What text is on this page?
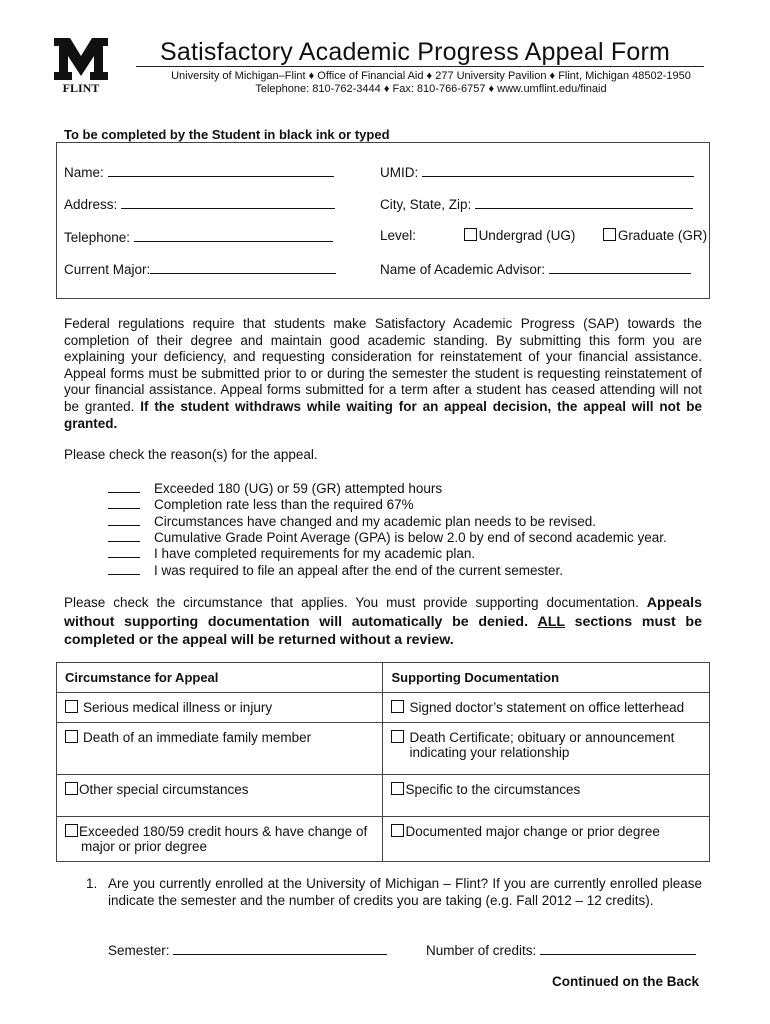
FLINT
Satisfactory Academic Progress Appeal Form
University of Michigan–Flint ♦ Office of Financial Aid ♦ 277 University Pavilion ♦ Flint, Michigan 48502-1950
Telephone: 810-762-3444 ♦ Fax: 810-766-6757 ♦ www.umflint.edu/finaid
To be completed by the Student in black ink or typed
Name:	UMID:
Address:	City, State, Zip:
Telephone:	Level:	Undergrad (UG)	Graduate (GR)
Current Major:	Name of Academic Advisor:
Federal regulations require that students make Satisfactory Academic Progress (SAP) towards the completion of their degree and maintain good academic standing. By submitting this form you are explaining your deficiency, and requesting consideration for reinstatement of your financial assistance. Appeal forms must be submitted prior to or during the semester the student is requesting reinstatement of your financial assistance. Appeal forms submitted for a term after a student has ceased attending will not be granted. If the student withdraws while waiting for an appeal decision, the appeal will not be granted.
Please check the reason(s) for the appeal.
Exceeded 180 (UG) or 59 (GR) attempted hours
Completion rate less than the required 67%
Circumstances have changed and my academic plan needs to be revised.
Cumulative Grade Point Average (GPA) is below 2.0 by end of second academic year.
I have completed requirements for my academic plan.
I was required to file an appeal after the end of the current semester.
Please check the circumstance that applies. You must provide supporting documentation. Appeals without supporting documentation will automatically be denied. ALL sections must be completed or the appeal will be returned without a review.
Circumstance for Appeal	Supporting Documentation
Serious medical illness or injury	Signed doctor’s statement on office letterhead
Death of an immediate family member	Death Certificate; obituary or announcement
indicating your relationship

Other special circumstances	Specific to the circumstances
Exceeded 180/59 credit hours & have change of
major or prior degree	Documented major change or prior degree
1. Are you currently enrolled at the University of Michigan – Flint? If you are currently enrolled please indicate the semester and the number of credits you are taking (e.g. Fall 2012 – 12 credits).
Semester:	Number of credits:
Continued on the Back
